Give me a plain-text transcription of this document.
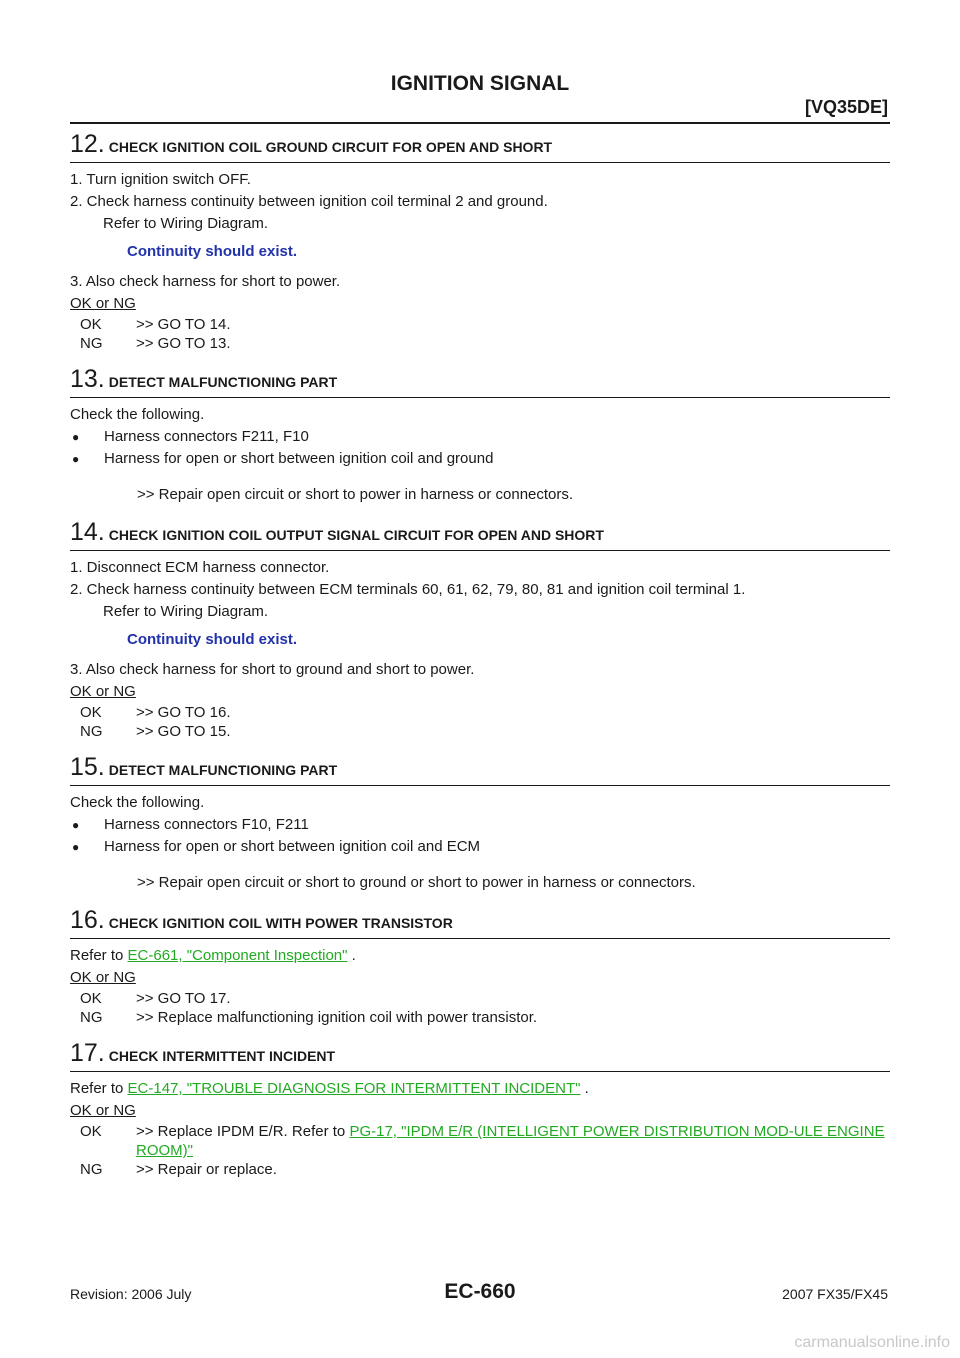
IGNITION SIGNAL
[VQ35DE]
12. CHECK IGNITION COIL GROUND CIRCUIT FOR OPEN AND SHORT
1. Turn ignition switch OFF.
2. Check harness continuity between ignition coil terminal 2 and ground.
Refer to Wiring Diagram.
Continuity should exist.
3. Also check harness for short to power.
OK or NG
OK	>> GO TO 14.
NG	>> GO TO 13.
13. DETECT MALFUNCTIONING PART
Check the following.
●	Harness connectors F211, F10
●	Harness for open or short between ignition coil and ground
>> Repair open circuit or short to power in harness or connectors.
14. CHECK IGNITION COIL OUTPUT SIGNAL CIRCUIT FOR OPEN AND SHORT
1. Disconnect ECM harness connector.
2. Check harness continuity between ECM terminals 60, 61, 62, 79, 80, 81 and ignition coil terminal 1.
Refer to Wiring Diagram.
Continuity should exist.
3. Also check harness for short to ground and short to power.
OK or NG
OK	>> GO TO 16.
NG	>> GO TO 15.
15. DETECT MALFUNCTIONING PART
Check the following.
●	Harness connectors F10, F211
●	Harness for open or short between ignition coil and ECM
>> Repair open circuit or short to ground or short to power in harness or connectors.
16. CHECK IGNITION COIL WITH POWER TRANSISTOR
Refer to EC-661, "Component Inspection" .
OK or NG
OK	>> GO TO 17.
NG	>> Replace malfunctioning ignition coil with power transistor.
17. CHECK INTERMITTENT INCIDENT
Refer to EC-147, "TROUBLE DIAGNOSIS FOR INTERMITTENT INCIDENT" .
OK or NG
OK	>> Replace IPDM E/R. Refer to PG-17, "IPDM E/R (INTELLIGENT POWER DISTRIBUTION MOD-ULE ENGINE ROOM)"
NG	>> Repair or replace.
Revision: 2006 July	EC-660	2007 FX35/FX45
carmanualsonline.info
